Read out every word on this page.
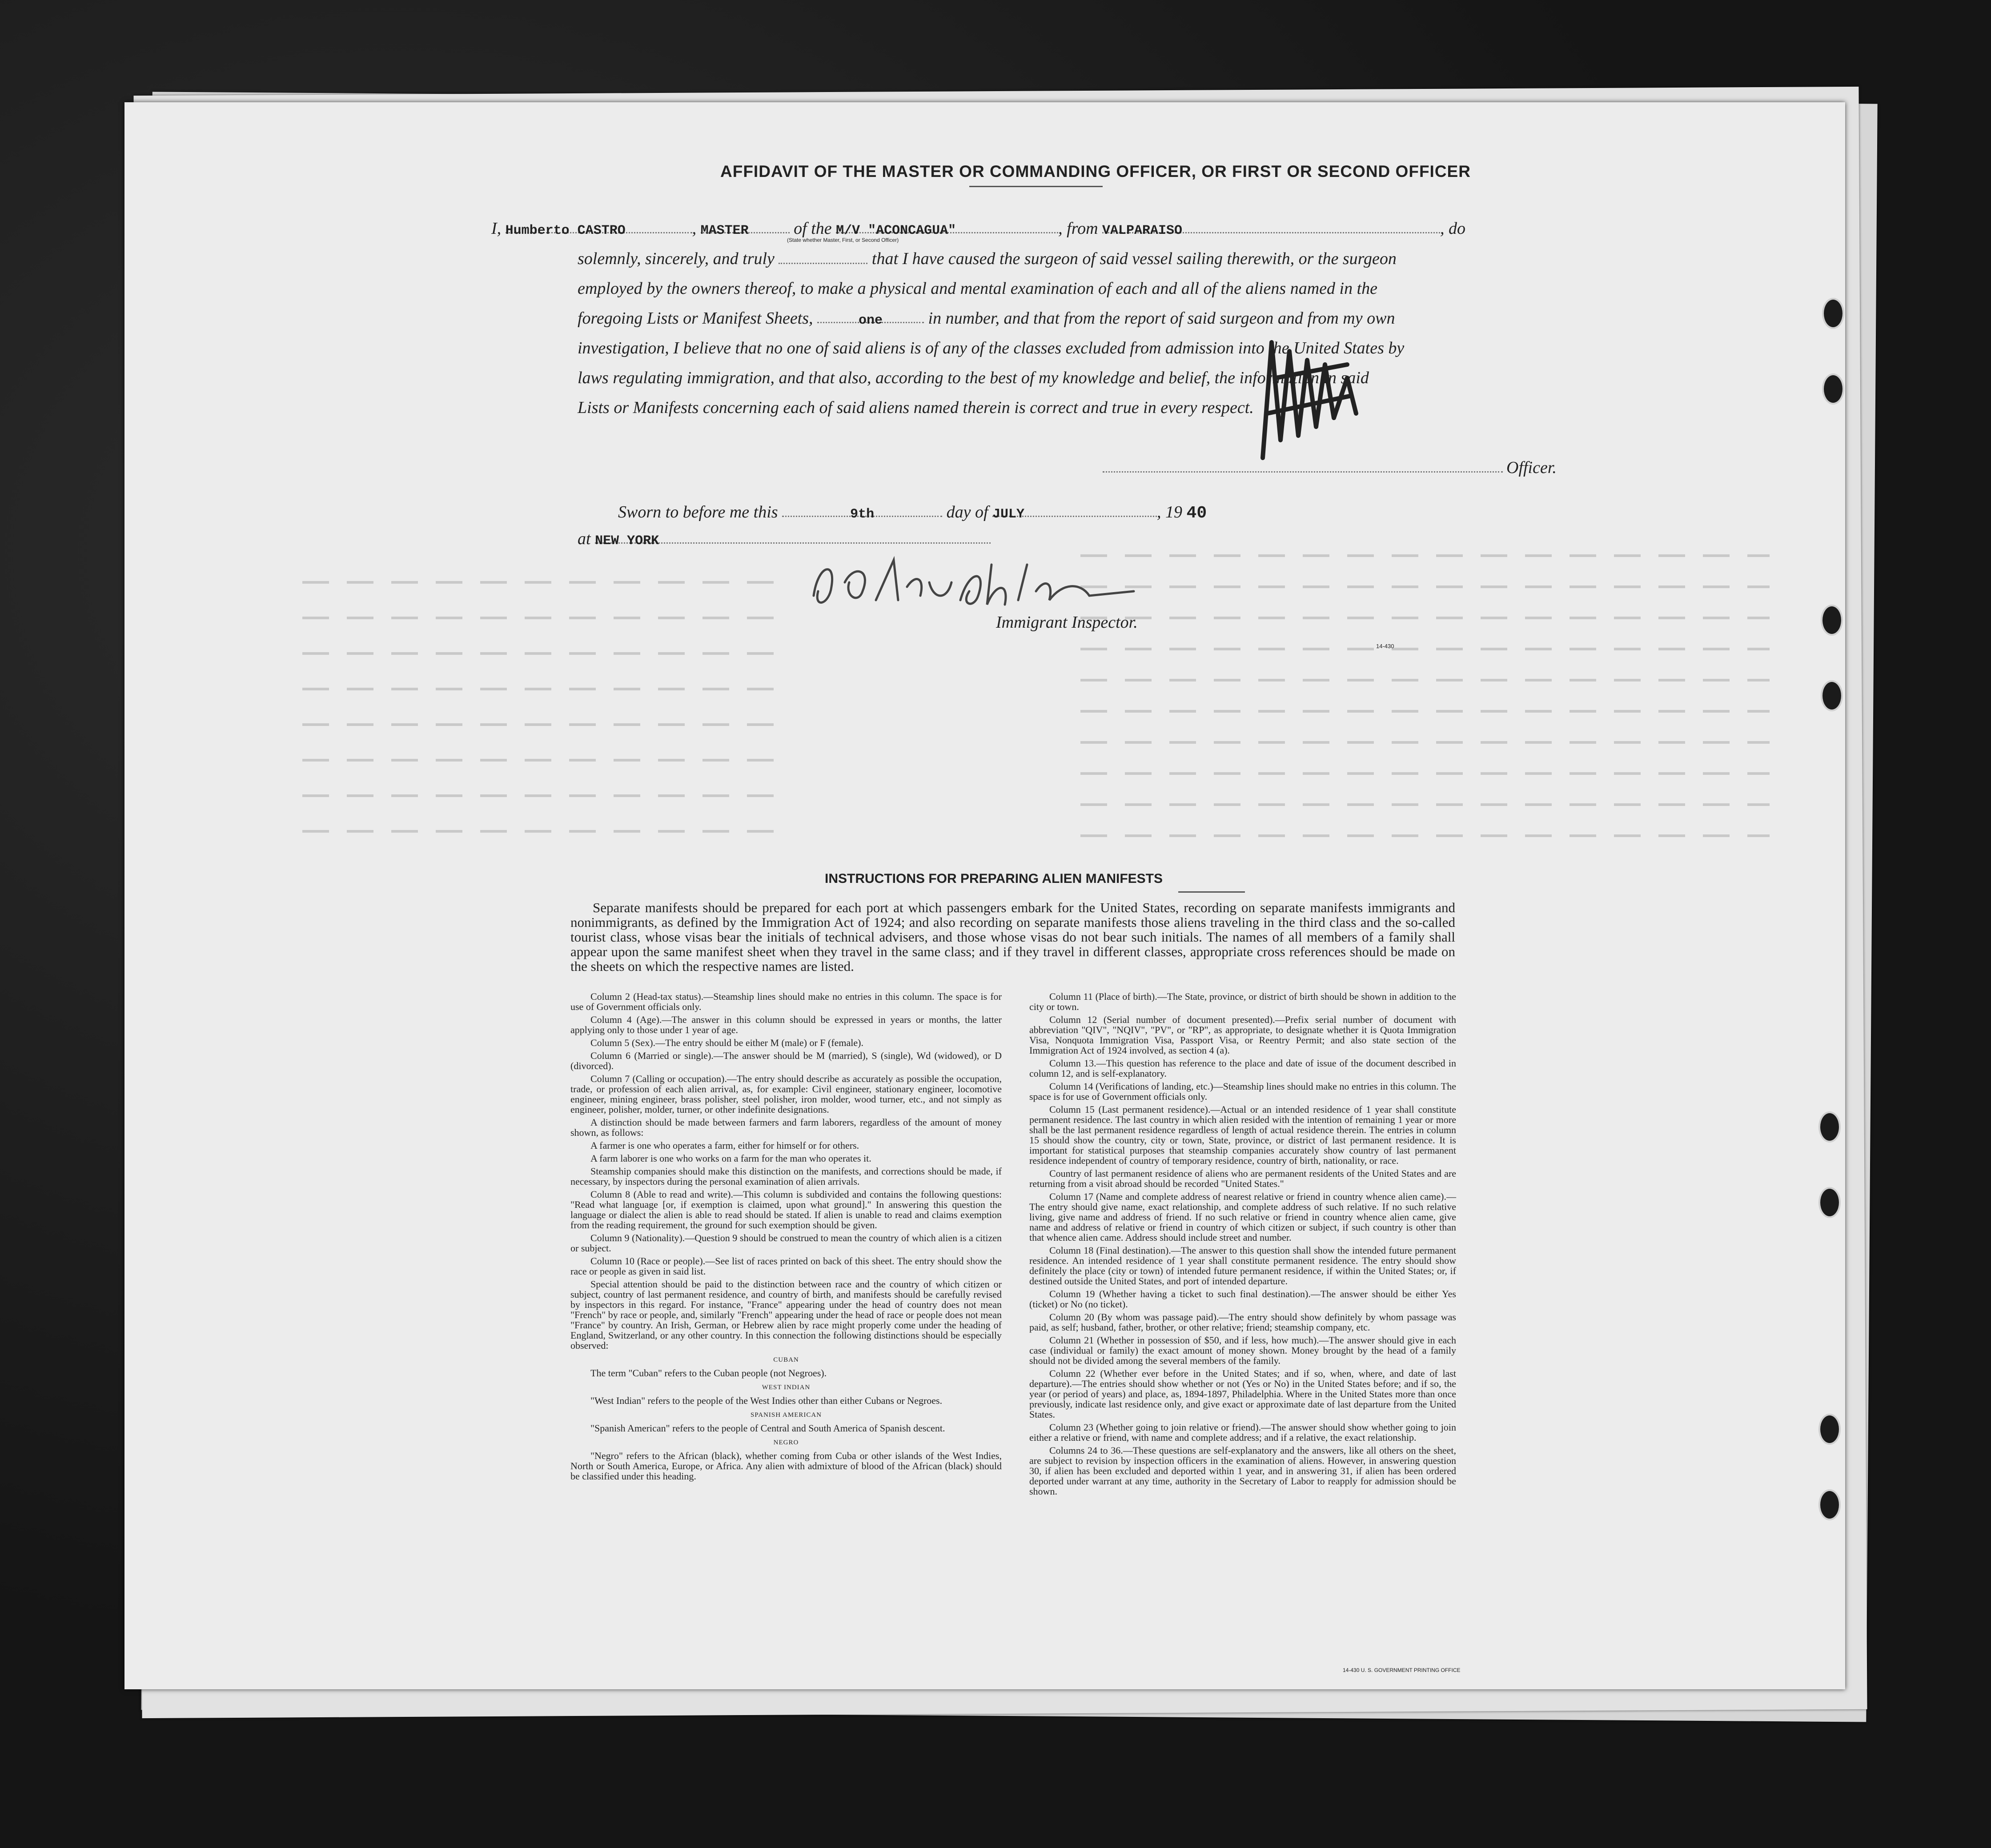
AFFIDAVIT OF THE MASTER OR COMMANDING OFFICER, OR FIRST OR SECOND OFFICER
I, Humberto CASTRO	, MASTER	of the M/V "ACONCAGUA"	, from VALPARAISO	, do
(State whether Master, First, or Second Officer)
solemnly, sincerely, and truly	that I have caused the surgeon of said vessel sailing therewith, or the surgeon
employed by the owners thereof, to make a physical and mental examination of each and all of the aliens named in the
foregoing Lists or Manifest Sheets,	one	in number, and that from the report of said surgeon and from my own
investigation, I believe that no one of said aliens is of any of the classes excluded from admission into the United States by
laws regulating immigration, and that also, according to the best of my knowledge and belief, the information in said
Lists or Manifests concerning each of said aliens named therein is correct and true in every respect.
Officer.
Sworn to before me this	9th	day of JULY	, 19 40
at NEW YORK
Immigrant Inspector.
14-430
INSTRUCTIONS FOR PREPARING ALIEN MANIFESTS
Separate manifests should be prepared for each port at which passengers embark for the United States, recording on separate manifests immigrants and nonimmigrants, as defined by the Immigration Act of 1924; and also recording on separate manifests those aliens traveling in the third class and the so-called tourist class, whose visas bear the initials of technical advisers, and those whose visas do not bear such initials. The names of all members of a family shall appear upon the same manifest sheet when they travel in the same class; and if they travel in different classes, appropriate cross references should be made on the sheets on which the respective names are listed.

Column 2 (Head-tax status).—Steamship lines should make no entries in this column. The space is for use of Government officials only.

Column 4 (Age).—The answer in this column should be expressed in years or months, the latter applying only to those under 1 year of age.

Column 5 (Sex).—The entry should be either M (male) or F (female).

Column 6 (Married or single).—The answer should be M (married), S (single), Wd (widowed), or D (divorced).

Column 7 (Calling or occupation).—The entry should describe as accurately as possible the occupation, trade, or profession of each alien arrival, as, for example: Civil engineer, stationary engineer, locomotive engineer, mining engineer, brass polisher, steel polisher, iron molder, wood turner, etc., and not simply as engineer, polisher, molder, turner, or other indefinite designations.

A distinction should be made between farmers and farm laborers, regardless of the amount of money shown, as follows:

A farmer is one who operates a farm, either for himself or for others.

A farm laborer is one who works on a farm for the man who operates it.

Steamship companies should make this distinction on the manifests, and corrections should be made, if necessary, by inspectors during the personal examination of alien arrivals.

Column 8 (Able to read and write).—This column is subdivided and contains the following questions: "Read what language [or, if exemption is claimed, upon what ground]." In answering this question the language or dialect the alien is able to read should be stated. If alien is unable to read and claims exemption from the reading requirement, the ground for such exemption should be given.

Column 9 (Nationality).—Question 9 should be construed to mean the country of which alien is a citizen or subject.

Column 10 (Race or people).—See list of races printed on back of this sheet. The entry should show the race or people as given in said list.

Special attention should be paid to the distinction between race and the country of which citizen or subject, country of last permanent residence, and country of birth, and manifests should be carefully revised by inspectors in this regard. For instance, "France" appearing under the head of country does not mean "French" by race or people, and, similarly "French" appearing under the head of race or people does not mean "France" by country. An Irish, German, or Hebrew alien by race might properly come under the heading of England, Switzerland, or any other country. In this connection the following distinctions should be especially observed:

CUBAN

The term "Cuban" refers to the Cuban people (not Negroes).

WEST INDIAN

"West Indian" refers to the people of the West Indies other than either Cubans or Negroes.

SPANISH AMERICAN

"Spanish American" refers to the people of Central and South America of Spanish descent.

NEGRO

"Negro" refers to the African (black), whether coming from Cuba or other islands of the West Indies, North or South America, Europe, or Africa. Any alien with admixture of blood of the African (black) should be classified under this heading.

Column 11 (Place of birth).—The State, province, or district of birth should be shown in addition to the city or town.

Column 12 (Serial number of document presented).—Prefix serial number of document with abbreviation "QIV", "NQIV", "PV", or "RP", as appropriate, to designate whether it is Quota Immigration Visa, Nonquota Immigration Visa, Passport Visa, or Reentry Permit; and also state section of the Immigration Act of 1924 involved, as section 4 (a).

Column 13.—This question has reference to the place and date of issue of the document described in column 12, and is self-explanatory.

Column 14 (Verifications of landing, etc.)—Steamship lines should make no entries in this column. The space is for use of Government officials only.

Column 15 (Last permanent residence).—Actual or an intended residence of 1 year shall constitute permanent residence. The last country in which alien resided with the intention of remaining 1 year or more shall be the last permanent residence regardless of length of actual residence therein. The entries in column 15 should show the country, city or town, State, province, or district of last permanent residence. It is important for statistical purposes that steamship companies accurately show country of last permanent residence independent of country of temporary residence, country of birth, nationality, or race.

Country of last permanent residence of aliens who are permanent residents of the United States and are returning from a visit abroad should be recorded "United States."

Column 17 (Name and complete address of nearest relative or friend in country whence alien came).—The entry should give name, exact relationship, and complete address of such relative. If no such relative living, give name and address of friend. If no such relative or friend in country whence alien came, give name and address of relative or friend in country of which citizen or subject, if such country is other than that whence alien came. Address should include street and number.

Column 18 (Final destination).—The answer to this question shall show the intended future permanent residence. An intended residence of 1 year shall constitute permanent residence. The entry should show definitely the place (city or town) of intended future permanent residence, if within the United States; or, if destined outside the United States, and port of intended departure.

Column 19 (Whether having a ticket to such final destination).—The answer should be either Yes (ticket) or No (no ticket).

Column 20 (By whom was passage paid).—The entry should show definitely by whom passage was paid, as self; husband, father, brother, or other relative; friend; steamship company, etc.

Column 21 (Whether in possession of $50, and if less, how much).—The answer should give in each case (individual or family) the exact amount of money shown. Money brought by the head of a family should not be divided among the several members of the family.

Column 22 (Whether ever before in the United States; and if so, when, where, and date of last departure).—The entries should show whether or not (Yes or No) in the United States before; and if so, the year (or period of years) and place, as, 1894-1897, Philadelphia. Where in the United States more than once previously, indicate last residence only, and give exact or approximate date of last departure from the United States.

Column 23 (Whether going to join relative or friend).—The answer should show whether going to join either a relative or friend, with name and complete address; and if a relative, the exact relationship.

Columns 24 to 36.—These questions are self-explanatory and the answers, like all others on the sheet, are subject to revision by inspection officers in the examination of aliens. However, in answering question 30, if alien has been excluded and deported within 1 year, and in answering 31, if alien has been ordered deported under warrant at any time, authority in the Secretary of Labor to reapply for admission should be shown.

14-430 U. S. GOVERNMENT PRINTING OFFICE
